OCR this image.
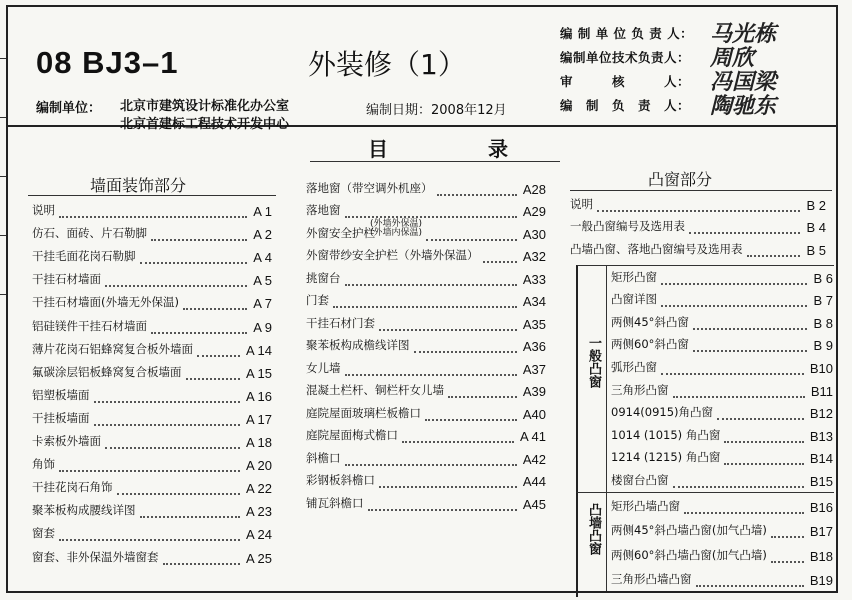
08 BJ3–1	外装修（1）
编制单位： 北京市建筑设计标准化办公室
北京首建标工程技术开发中心
编制日期：2008年12月
编 制 单 位 负 责 人： 马光栋
编制单位技术负责人： 周欣
审　　　核　　　人： 冯国梁
编　制　负　责　人： 陶驰东
目　录
墙面装饰部分
说明	A 1
仿石、面砖、片石勒脚	A 2
干挂毛面花岗石勒脚	A 4
干挂石材墙面	A 5
干挂石材墙面(外墙无外保温)	A 7
铝硅镁件干挂石材墙面	A 9
薄片花岗石铝蜂窝复合板外墙面	A 14
氟碳涂层铝板蜂窝复合板墙面	A 15
铝塑板墙面	A 16
干挂板墙面	A 17
卡索板外墙面	A 18
角饰	A 20
干挂花岗石角饰	A 22
聚苯板构成腰线详图	A 23
窗套	A 24
窗套、非外保温外墙窗套	A 25
落地窗（带空调外机座）	A28
落地窗	A29
外窗安全护栏
(外墙外保温)
(外墙内保温)	A30
外窗带纱安全护栏（外墙外保温）	A32
挑窗台	A33
门套	A34
干挂石材门套	A35
聚苯板构成檐线详图	A36
女儿墙	A37
混凝土栏杆、铜栏杆女儿墙	A39
庭院屋面玻璃栏板檐口	A40
庭院屋面梅式檐口	A 41
斜檐口	A42
彩钢板斜檐口	A44
铺瓦斜檐口	A45
凸窗部分
说明	B 2
一般凸窗编号及选用表	B 4
凸墙凸窗、落地凸窗编号及选用表	B 5
一般凸窗
矩形凸窗	B 6
凸窗详图	B 7
两侧45°斜凸窗	B 8
两侧60°斜凸窗	B 9
弧形凸窗	B10
三角形凸窗	B11
0914(0915)角凸窗	B12
1014 (1015) 角凸窗	B13
1214 (1215) 角凸窗	B14
楼窗台凸窗	B15
凸墙凸窗 矩形凸墙凸窗	B16
两侧45°斜凸墙凸窗(加气凸墙)	B17
两侧60°斜凸墙凸窗(加气凸墙)	B18
三角形凸墙凸窗	B19
